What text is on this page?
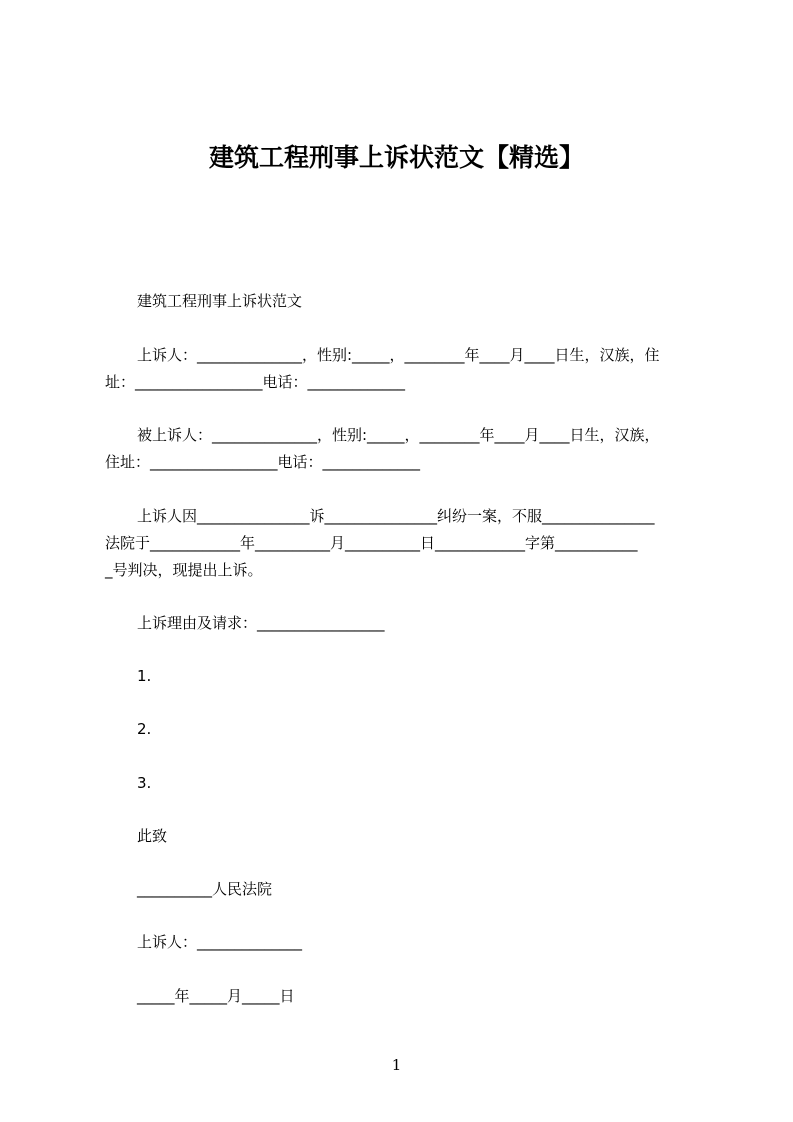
建筑工程刑事上诉状范文【精选】
建筑工程刑事上诉状范文
上诉人：______________，性别:_____，________年____月____日生，汉族，住
址：_________________电话：_____________
被上诉人：______________，性别:_____，________年____月____日生，汉族，
住址：_________________电话：_____________
上诉人因_______________诉_______________纠纷一案，不服_______________
法院于____________年__________月__________日____________字第___________
_号判决，现提出上诉。
上诉理由及请求：_________________
1.
2.
3.
此致
__________人民法院
上诉人：______________
_____年_____月_____日
1
